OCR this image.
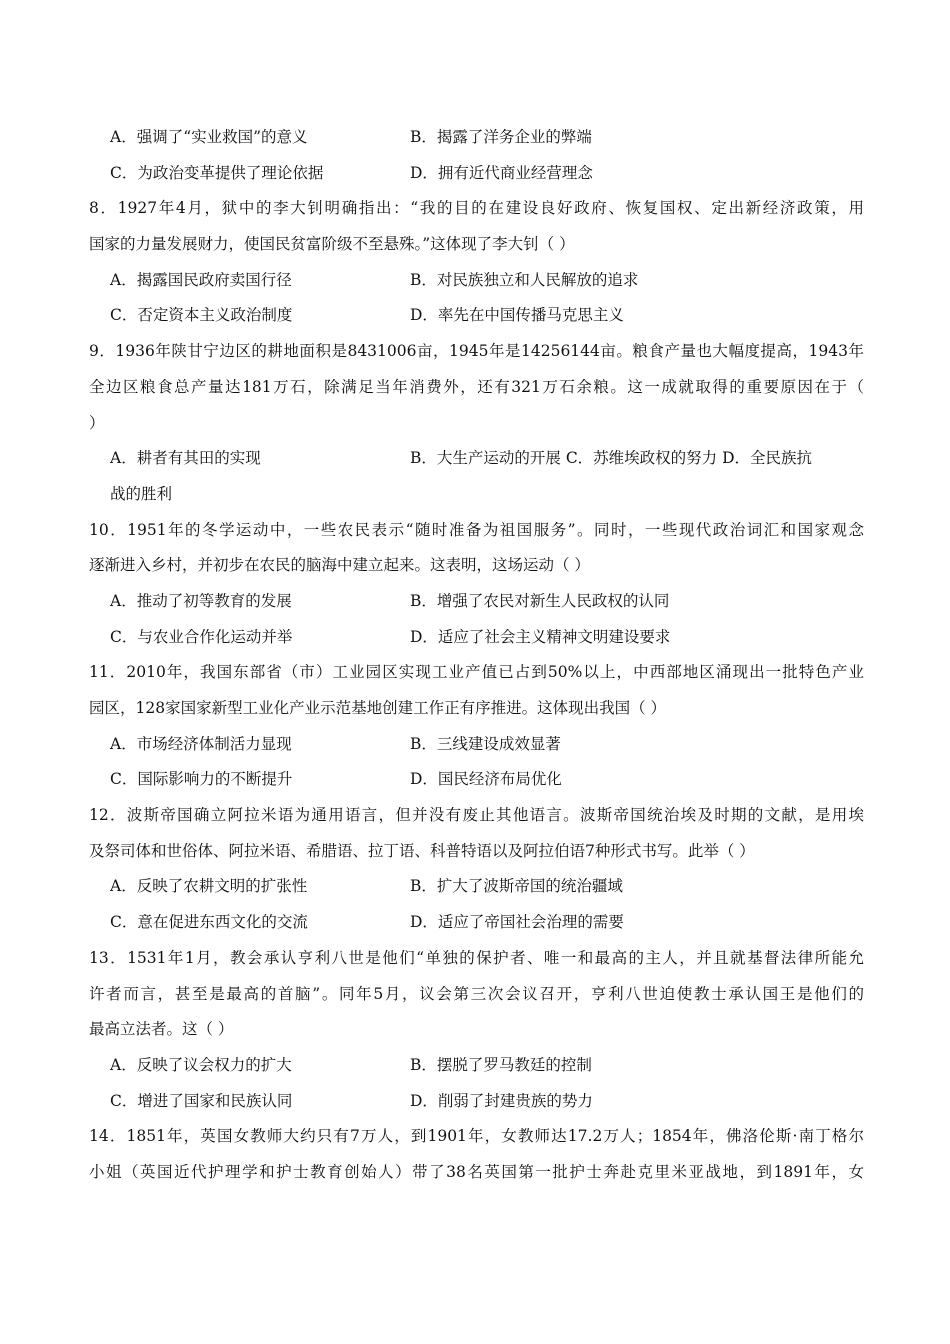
A．强调了“实业救国”的意义	B．揭露了洋务企业的弊端
C．为政治变革提供了理论依据	D．拥有近代商业经营理念
8．1927年4月，狱中的李大钊明确指出：“我的目的在建设良好政府、恢复国权、定出新经济政策，用
国家的力量发展财力，使国民贫富阶级不至悬殊。”这体现了李大钊（ ）
A．揭露国民政府卖国行径	B．对民族独立和人民解放的追求
C．否定资本主义政治制度	D．率先在中国传播马克思主义
9．1936年陕甘宁边区的耕地面积是8431006亩，1945年是14256144亩。粮食产量也大幅度提高，1943年
全边区粮食总产量达181万石，除满足当年消费外，还有321万石余粮。这一成就取得的重要原因在于（
）
A．耕者有其田的实现	B．大生产运动的开展 C．苏维埃政权的努力 D．全民族抗
战的胜利
10．1951年的冬学运动中，一些农民表示“随时准备为祖国服务”。同时，一些现代政治词汇和国家观念
逐渐进入乡村，并初步在农民的脑海中建立起来。这表明，这场运动（ ）
A．推动了初等教育的发展	B．增强了农民对新生人民政权的认同
C．与农业合作化运动并举	D．适应了社会主义精神文明建设要求
11．2010年，我国东部省（市）工业园区实现工业产值已占到50%以上，中西部地区涌现出一批特色产业
园区，128家国家新型工业化产业示范基地创建工作正有序推进。这体现出我国（ ）
A．市场经济体制活力显现	B．三线建设成效显著
C．国际影响力的不断提升	D．国民经济布局优化
12．波斯帝国确立阿拉米语为通用语言，但并没有废止其他语言。波斯帝国统治埃及时期的文献，是用埃
及祭司体和世俗体、阿拉米语、希腊语、拉丁语、科普特语以及阿拉伯语7种形式书写。此举（ ）
A．反映了农耕文明的扩张性	B．扩大了波斯帝国的统治疆域
C．意在促进东西文化的交流	D．适应了帝国社会治理的需要
13．1531年1月，教会承认亨利八世是他们“单独的保护者、唯一和最高的主人，并且就基督法律所能允
许者而言，甚至是最高的首脑”。同年5月，议会第三次会议召开，亨利八世迫使教士承认国王是他们的
最高立法者。这（ ）
A．反映了议会权力的扩大	B．摆脱了罗马教廷的控制
C．增进了国家和民族认同	D．削弱了封建贵族的势力
14．1851年，英国女教师大约只有7万人，到1901年，女教师达17.2万人；1854年，佛洛伦斯·南丁格尔
小姐（英国近代护理学和护士教育创始人）带了38名英国第一批护士奔赴克里米亚战地，到1891年，女
